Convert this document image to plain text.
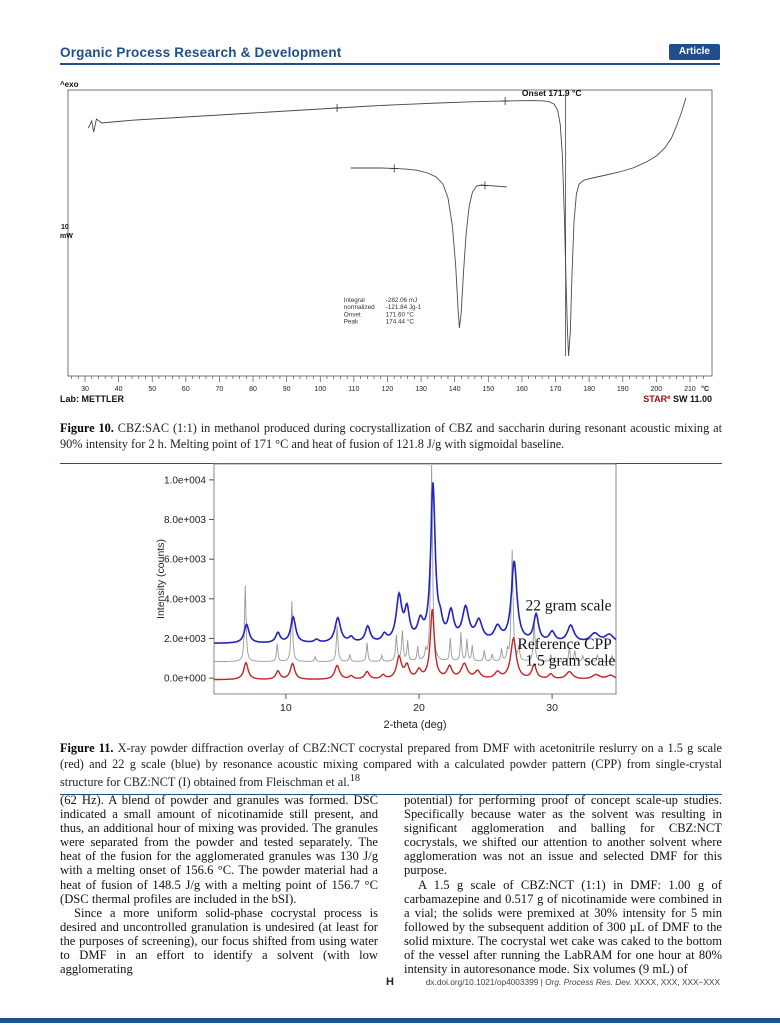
Organic Process Research & Development	Article
30	40	50	60	70	80	90	100	110	120	130	140	150	160	170	180	190	200	210 °C
^exo
10
mW
Onset 171.9 °C
Integral	-282.06 mJ
normalized -121.84 Jg-1
Onset	171.60 °C
Peak	174.44 °C
Lab: METTLER	STAR$^e$ SW 11.00
Figure 10. CBZ:SAC (1:1) in methanol produced during cocrystallization of CBZ and saccharin during resonant acoustic mixing at 90% intensity for 2 h. Melting point of 171 °C and heat of fusion of 121.8 J/g with sigmoidal baseline.
10	20	30
0.0e+000
2.0e+003
4.0e+003
6.0e+003
8.0e+003
1.0e+004
2-theta (deg)
Intensity (counts)
Reference CPP
22 gram scale
1.5 gram scale
Figure 11. X-ray powder diffraction overlay of CBZ:NCT cocrystal prepared from DMF with acetonitrile reslurry on a 1.5 g scale (red) and 22 g scale (blue) by resonance acoustic mixing compared with a calculated powder pattern (CPP) from single-crystal structure for CBZ:NCT (I) obtained from Fleischman et al.$^{18}$

(62 Hz). A blend of powder and granules was formed. DSC indicated a small amount of nicotinamide still present, and thus, an additional hour of mixing was provided. The granules were separated from the powder and tested separately. The heat of the fusion for the agglomerated granules was 130 J/g with a melting onset of 156.6 °C. The powder material had a heat of fusion of 148.5 J/g with a melting point of 156.7 °C (DSC thermal profiles are included in the bSI).

Since a more uniform solid-phase cocrystal process is desired and uncontrolled granulation is undesired (at least for the purposes of screening), our focus shifted from using water to DMF in an effort to identify a solvent (with low agglomerating

potential) for performing proof of concept scale-up studies. Specifically because water as the solvent was resulting in significant agglomeration and balling for CBZ:NCT cocrystals, we shifted our attention to another solvent where agglomeration was not an issue and selected DMF for this purpose.

A 1.5 g scale of CBZ:NCT (1:1) in DMF: 1.00 g of carbamazepine and 0.517 g of nicotinamide were combined in a vial; the solids were premixed at 30% intensity for 5 min followed by the subsequent addition of 300 µL of DMF to the solid mixture. The cocrystal wet cake was caked to the bottom of the vessel after running the LabRAM for one hour at 80% intensity in autoresonance mode. Six volumes (9 mL) of

H	dx.doi.org/10.1021/op4003399 | Org. Process Res. Dev. XXXX, XXX, XXX−XXX
